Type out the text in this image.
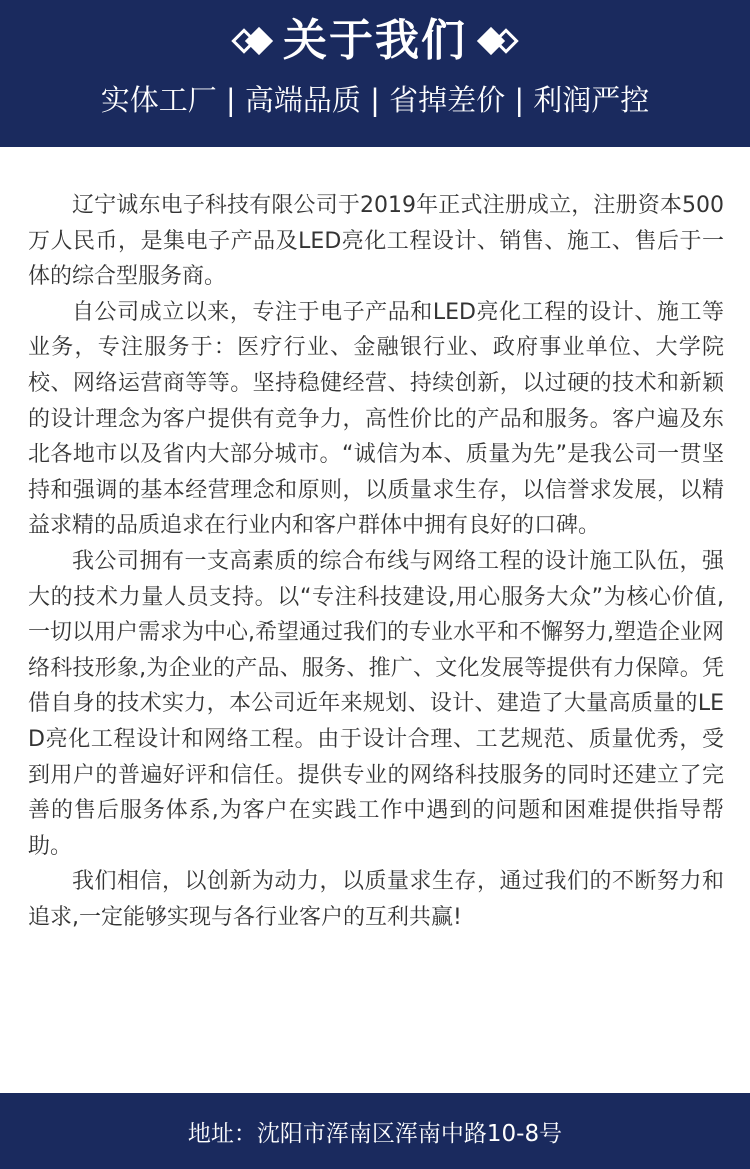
关于我们
实体工厂 | 高端品质 | 省掉差价 | 利润严控

辽宁诚东电子科技有限公司于2019年正式注册成立，注册资本500万人民币，是集电子产品及LED亮化工程设计、销售、施工、售后于一体的综合型服务商。

自公司成立以来，专注于电子产品和LED亮化工程的设计、施工等业务，专注服务于：医疗行业、金融银行业、政府事业单位、大学院校、网络运营商等等。坚持稳健经营、持续创新，以过硬的技术和新颖的设计理念为客户提供有竞争力，高性价比的产品和服务。客户遍及东北各地市以及省内大部分城市。“诚信为本、质量为先”是我公司一贯坚持和强调的基本经营理念和原则，以质量求生存，以信誉求发展，以精益求精的品质追求在行业内和客户群体中拥有良好的口碑。

我公司拥有一支高素质的综合布线与网络工程的设计施工队伍，强大的技术力量人员支持。以“专注科技建设,用心服务大众”为核心价值,一切以用户需求为中心,希望通过我们的专业水平和不懈努力,塑造企业网络科技形象,为企业的产品、服务、推广、文化发展等提供有力保障。凭借自身的技术实力，本公司近年来规划、设计、建造了大量高质量的LED亮化工程设计和网络工程。由于设计合理、工艺规范、质量优秀，受到用户的普遍好评和信任。提供专业的网络科技服务的同时还建立了完善的售后服务体系,为客户在实践工作中遇到的问题和困难提供指导帮助。

我们相信，以创新为动力，以质量求生存，通过我们的不断努力和追求,一定能够实现与各行业客户的互利共赢!

地址：沈阳市浑南区浑南中路10-8号
